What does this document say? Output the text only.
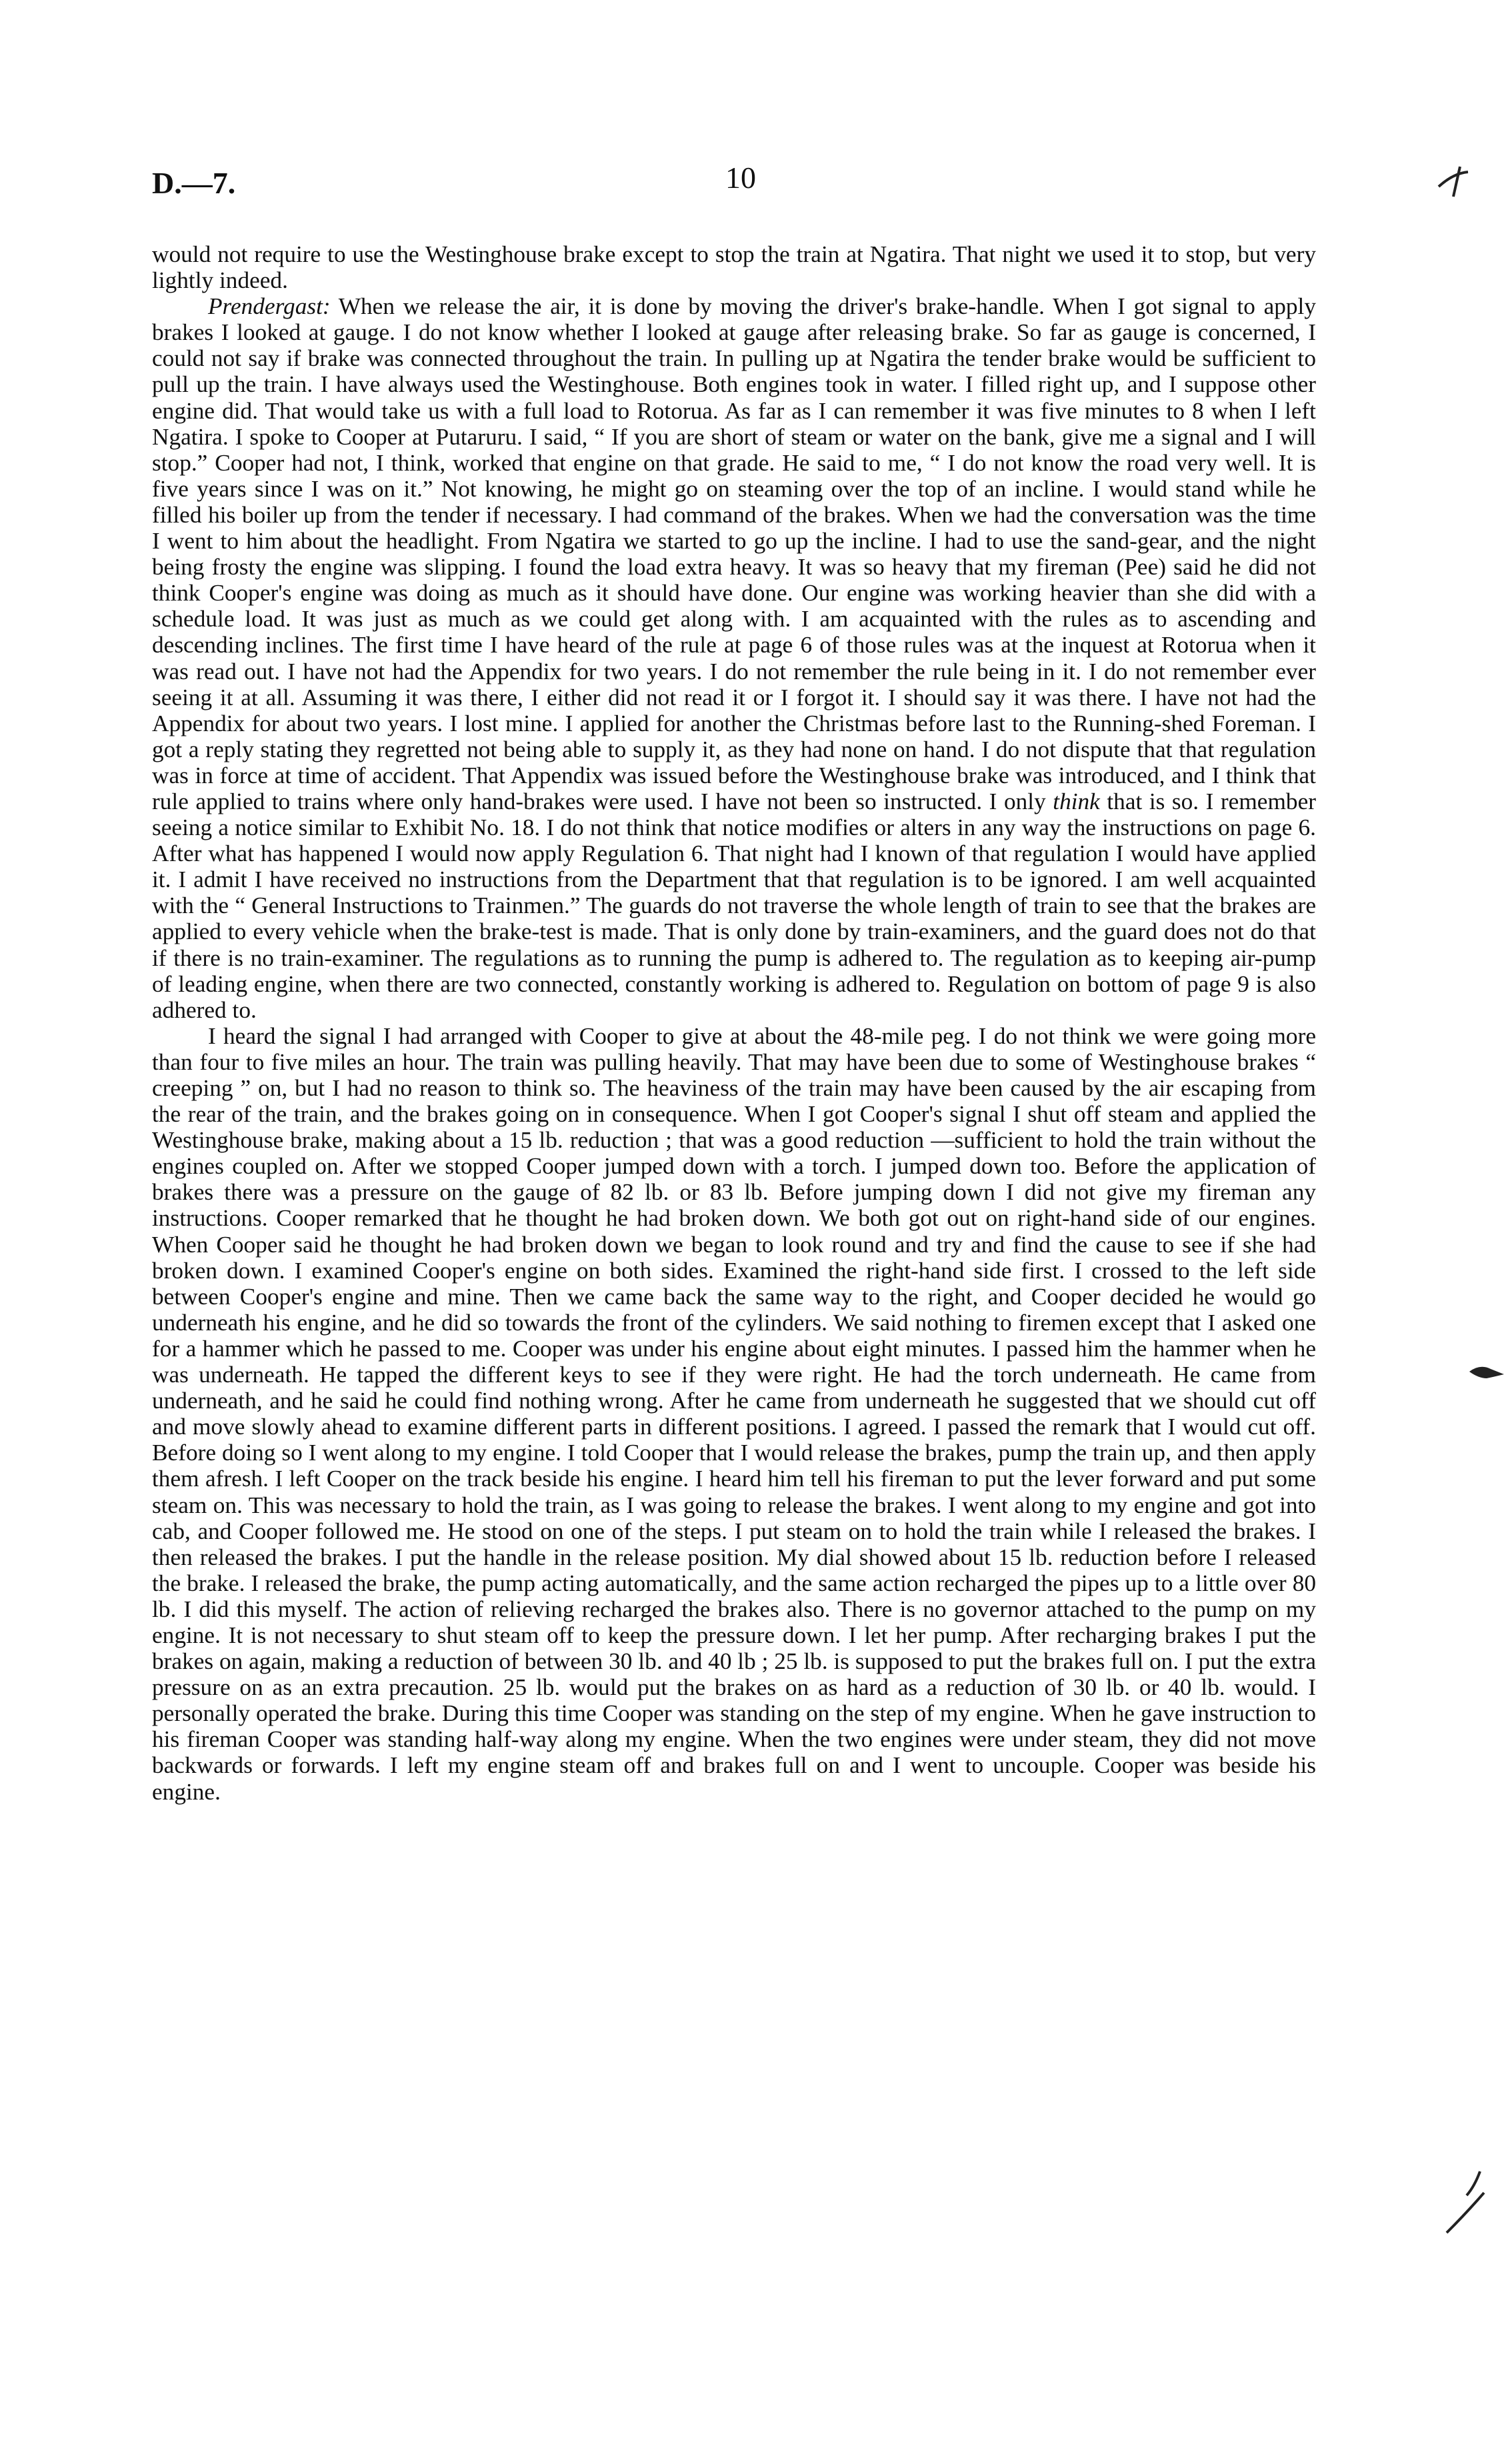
D.—7.	10

would not require to use the Westinghouse brake except to stop the train at Ngatira. That night we used it to stop, but very lightly indeed.

Prendergast: When we release the air, it is done by moving the driver's brake-handle. When I got signal to apply brakes I looked at gauge. I do not know whether I looked at gauge after releasing brake. So far as gauge is concerned, I could not say if brake was connected throughout the train. In pulling up at Ngatira the tender brake would be sufficient to pull up the train. I have always used the Westinghouse. Both engines took in water. I filled right up, and I suppose other engine did. That would take us with a full load to Rotorua. As far as I can remember it was five minutes to 8 when I left Ngatira. I spoke to Cooper at Putaruru. I said, “ If you are short of steam or water on the bank, give me a signal and I will stop.” Cooper had not, I think, worked that engine on that grade. He said to me, “ I do not know the road very well. It is five years since I was on it.” Not knowing, he might go on steaming over the top of an incline. I would stand while he filled his boiler up from the tender if necessary. I had command of the brakes. When we had the conversation was the time I went to him about the headlight. From Ngatira we started to go up the incline. I had to use the sand-gear, and the night being frosty the engine was slipping. I found the load extra heavy. It was so heavy that my fireman (Pee) said he did not think Cooper's engine was doing as much as it should have done. Our engine was working heavier than she did with a schedule load. It was just as much as we could get along with. I am acquainted with the rules as to ascending and descending inclines. The first time I have heard of the rule at page 6 of those rules was at the inquest at Rotorua when it was read out. I have not had the Appendix for two years. I do not remember the rule being in it. I do not remember ever seeing it at all. Assuming it was there, I either did not read it or I forgot it. I should say it was there. I have not had the Appendix for about two years. I lost mine. I applied for another the Christmas before last to the Running-shed Foreman. I got a reply stating they regretted not being able to supply it, as they had none on hand. I do not dispute that that regulation was in force at time of accident. That Appendix was issued before the Westinghouse brake was introduced, and I think that rule applied to trains where only hand-brakes were used. I have not been so instructed. I only think that is so. I remember seeing a notice similar to Exhibit No. 18. I do not think that notice modifies or alters in any way the instructions on page 6. After what has happened I would now apply Regulation 6. That night had I known of that regulation I would have applied it. I admit I have received no instructions from the Department that that regulation is to be ignored. I am well acquainted with the “ General Instructions to Trainmen.” The guards do not traverse the whole length of train to see that the brakes are applied to every vehicle when the brake-test is made. That is only done by train-examiners, and the guard does not do that if there is no train-examiner. The regulations as to running the pump is adhered to. The regulation as to keeping air-pump of leading engine, when there are two connected, constantly working is adhered to. Regulation on bottom of page 9 is also adhered to.

I heard the signal I had arranged with Cooper to give at about the 48-mile peg. I do not think we were going more than four to five miles an hour. The train was pulling heavily. That may have been due to some of Westinghouse brakes “ creeping ” on, but I had no reason to think so. The heaviness of the train may have been caused by the air escaping from the rear of the train, and the brakes going on in consequence. When I got Cooper's signal I shut off steam and applied the Westinghouse brake, making about a 15 lb. reduction ; that was a good reduction —sufficient to hold the train without the engines coupled on. After we stopped Cooper jumped down with a torch. I jumped down too. Before the application of brakes there was a pressure on the gauge of 82 lb. or 83 lb. Before jumping down I did not give my fireman any instructions. Cooper remarked that he thought he had broken down. We both got out on right-hand side of our engines. When Cooper said he thought he had broken down we began to look round and try and find the cause to see if she had broken down. I examined Cooper's engine on both sides. Examined the right-hand side first. I crossed to the left side between Cooper's engine and mine. Then we came back the same way to the right, and Cooper decided he would go underneath his engine, and he did so towards the front of the cylinders. We said nothing to firemen except that I asked one for a hammer which he passed to me. Cooper was under his engine about eight minutes. I passed him the hammer when he was underneath. He tapped the different keys to see if they were right. He had the torch underneath. He came from underneath, and he said he could find nothing wrong. After he came from underneath he suggested that we should cut off and move slowly ahead to examine different parts in different positions. I agreed. I passed the remark that I would cut off. Before doing so I went along to my engine. I told Cooper that I would release the brakes, pump the train up, and then apply them afresh. I left Cooper on the track beside his engine. I heard him tell his fireman to put the lever forward and put some steam on. This was necessary to hold the train, as I was going to release the brakes. I went along to my engine and got into cab, and Cooper followed me. He stood on one of the steps. I put steam on to hold the train while I released the brakes. I then released the brakes. I put the handle in the release position. My dial showed about 15 lb. reduction before I released the brake. I released the brake, the pump acting automatically, and the same action recharged the pipes up to a little over 80 lb. I did this myself. The action of relieving recharged the brakes also. There is no governor attached to the pump on my engine. It is not necessary to shut steam off to keep the pressure down. I let her pump. After recharging brakes I put the brakes on again, making a reduction of between 30 lb. and 40 lb ; 25 lb. is supposed to put the brakes full on. I put the extra pressure on as an extra precaution. 25 lb. would put the brakes on as hard as a reduction of 30 lb. or 40 lb. would. I personally operated the brake. During this time Cooper was standing on the step of my engine. When he gave instruction to his fireman Cooper was standing half-way along my engine. When the two engines were under steam, they did not move backwards or forwards. I left my engine steam off and brakes full on and I went to uncouple. Cooper was beside his engine.
